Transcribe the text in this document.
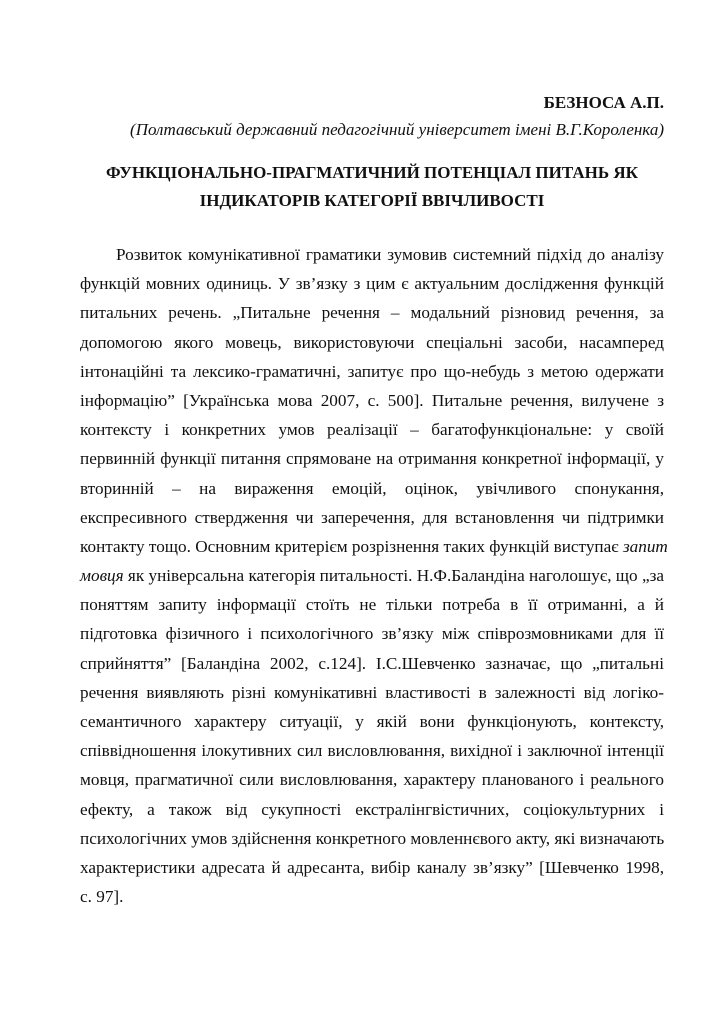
БЕЗНОСА А.П.
(Полтавський державний педагогічний університет імені В.Г.Короленка)
ФУНКЦІОНАЛЬНО-ПРАГМАТИЧНИЙ ПОТЕНЦІАЛ ПИТАНЬ ЯК
ІНДИКАТОРІВ КАТЕГОРІЇ ВВІЧЛИВОСТІ
Розвиток комунікативної граматики зумовив системний підхід до аналізу
функцій мовних одиниць. У зв’язку з цим є актуальним дослідження функцій
питальних речень. „Питальне речення – модальний різновид речення, за
допомогою якого мовець, використовуючи спеціальні засоби, насамперед
інтонаційні та лексико-граматичні, запитує про що-небудь з метою одержати
інформацію” [Українська мова 2007, с. 500]. Питальне речення, вилучене з
контексту і конкретних умов реалізації – багатофункціональне: у своїй
первинній функції питання спрямоване на отримання конкретної інформації, у
вторинній – на вираження емоцій, оцінок, увічливого спонукання,
експресивного ствердження чи заперечення, для встановлення чи підтримки
контакту тощо. Основним критерієм розрізнення таких функцій виступає запит
мовця як універсальна категорія питальності. Н.Ф.Баландіна наголошує, що „за
поняттям запиту інформації стоїть не тільки потреба в її отриманні, а й
підготовка фізичного і психологічного зв’язку між співрозмовниками для її
сприйняття” [Баландіна 2002, с.124]. І.С.Шевченко зазначає, що „питальні
речення виявляють різні комунікативні властивості в залежності від логіко-
семантичного характеру ситуації, у якій вони функціонують, контексту,
співвідношення ілокутивних сил висловлювання, вихідної і заключної інтенції
мовця, прагматичної сили висловлювання, характеру планованого і реального
ефекту, а також від сукупності екстралінгвістичних, соціокультурних і
психологічних умов здійснення конкретного мовленнєвого акту, які визначають
характеристики адресата й адресанта, вибір каналу зв’язку” [Шевченко 1998,
с. 97].
